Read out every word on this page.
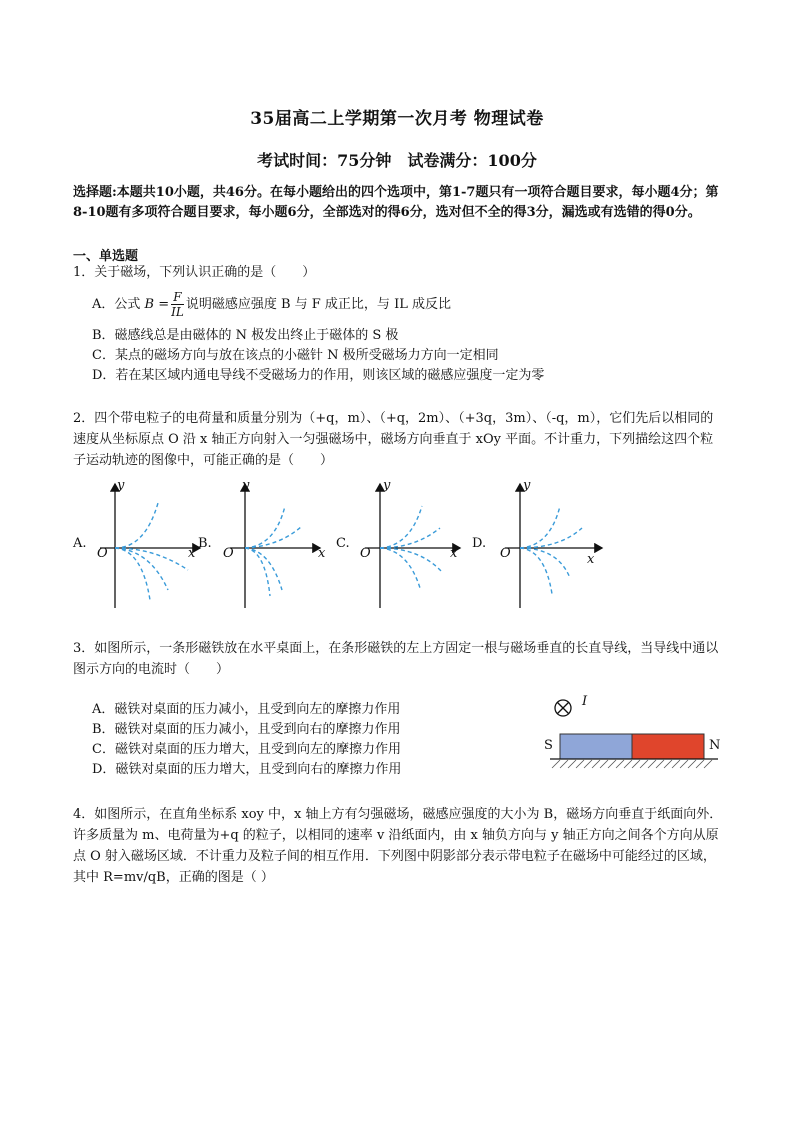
35届高二上学期第一次月考 物理试卷
考试时间：75分钟　试卷满分：100分
选择题:本题共10小题，共46分。在每小题给出的四个选项中，第1-7题只有一项符合题目要求，每小题4分；第8-10题有多项符合题目要求，每小题6分，全部选对的得6分，选对但不全的得3分，漏选或有选错的得0分。
一、单选题
1．关于磁场，下列认识正确的是（　　）
A．公式 $B = \frac{F}{IL}$ 说明磁感应强度 B 与 F 成正比，与 IL 成反比
B．磁感线总是由磁体的 N 极发出终止于磁体的 S 极
C．某点的磁场方向与放在该点的小磁针 N 极所受磁场力方向一定相同
D．若在某区域内通电导线不受磁场力的作用，则该区域的磁感应强度一定为零
2．四个带电粒子的电荷量和质量分别为（+q，m）、（+q，2m）、（+3q，3m）、（-q，m），它们先后以相同的速度从坐标原点 O 沿 x 轴正方向射入一匀强磁场中，磁场方向垂直于 xOy 平面。不计重力，下列描绘这四个粒子运动轨迹的图像中，可能正确的是（　　）
A.
y
O	x
B.
y
O	x
C.
y
O	x
D.
y
O	x
3．如图所示，一条形磁铁放在水平桌面上，在条形磁铁的左上方固定一根与磁场垂直的长直导线，当导线中通以图示方向的电流时（　　）
A．磁铁对桌面的压力减小，且受到向左的摩擦力作用
B．磁铁对桌面的压力减小，且受到向右的摩擦力作用
C．磁铁对桌面的压力增大，且受到向左的摩擦力作用
D．磁铁对桌面的压力增大，且受到向右的摩擦力作用
I
S	N
4．如图所示，在直角坐标系 xoy 中，x 轴上方有匀强磁场，磁感应强度的大小为 B，磁场方向垂直于纸面向外．许多质量为 m、电荷量为+q 的粒子，以相同的速率 v 沿纸面内，由 x 轴负方向与 y 轴正方向之间各个方向从原点 O 射入磁场区域．不计重力及粒子间的相互作用．下列图中阴影部分表示带电粒子在磁场中可能经过的区域，其中 R=mv/qB，正确的图是（ ）
